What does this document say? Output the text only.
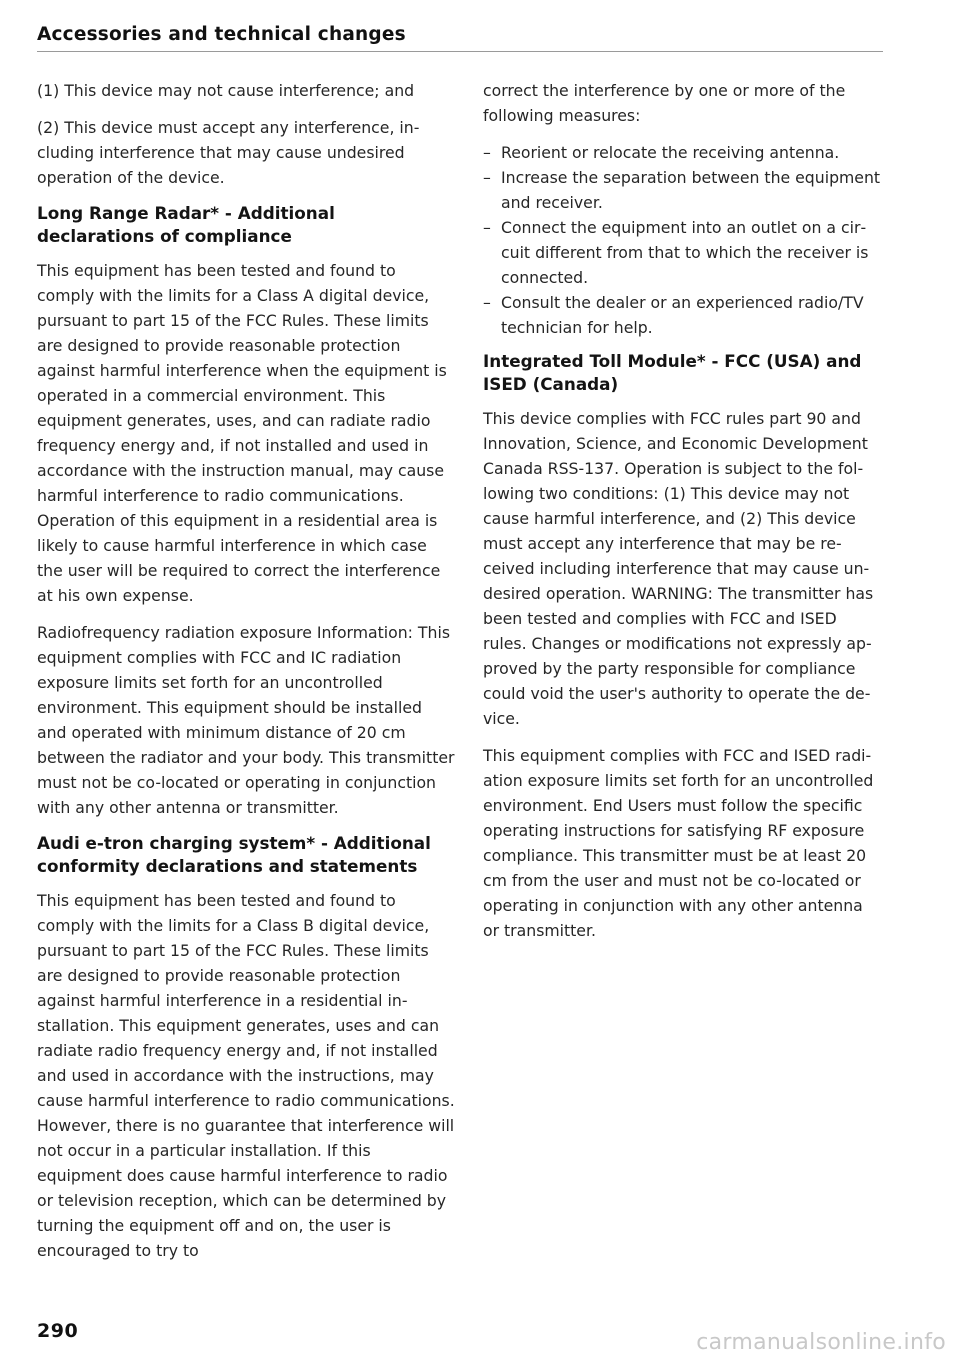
Accessories and technical changes

(1) This device may not cause interference; and

(2) This device must accept any interference, including interference that may cause undesired operation of the device.

Long Range Radar* - Additional declarations of compliance

This equipment has been tested and found to comply with the limits for a Class A digital device, pursuant to part 15 of the FCC Rules. These limits are designed to provide reasonable protection against harmful interference when the equipment is operated in a commercial environment. This equipment generates, uses, and can radiate radio frequency energy and, if not installed and used in accordance with the instruction manual, may cause harmful interference to radio communications. Operation of this equipment in a residential area is likely to cause harmful interference in which case the user will be required to correct the interference at his own expense.

Radiofrequency radiation exposure Information: This equipment complies with FCC and IC radiation exposure limits set forth for an uncontrolled environment. This equipment should be installed and operated with minimum distance of 20 cm between the radiator and your body. This transmitter must not be co-located or operating in conjunction with any other antenna or transmitter.

Audi e-tron charging system* - Additional conformity declarations and statements

This equipment has been tested and found to comply with the limits for a Class B digital device, pursuant to part 15 of the FCC Rules. These limits are designed to provide reasonable protection against harmful interference in a residential installation. This equipment generates, uses and can radiate radio frequency energy and, if not installed and used in accordance with the instructions, may cause harmful interference to radio communications. However, there is no guarantee that interference will not occur in a particular installation. If this equipment does cause harmful interference to radio or television reception, which can be determined by turning the equipment off and on, the user is encouraged to try to

correct the interference by one or more of the following measures:

– Reorient or relocate the receiving antenna.
– Increase the separation between the equipment and receiver.
– Connect the equipment into an outlet on a circuit different from that to which the receiver is connected.
– Consult the dealer or an experienced radio/TV technician for help.
Integrated Toll Module* - FCC (USA) and ISED (Canada)

This device complies with FCC rules part 90 and Innovation, Science, and Economic Development Canada RSS-137. Operation is subject to the following two conditions: (1) This device may not cause harmful interference, and (2) This device must accept any interference that may be received including interference that may cause undesired operation. WARNING: The transmitter has been tested and complies with FCC and ISED rules. Changes or modifications not expressly approved by the party responsible for compliance could void the user's authority to operate the device.

This equipment complies with FCC and ISED radiation exposure limits set forth for an uncontrolled environment. End Users must follow the specific operating instructions for satisfying RF exposure compliance. This transmitter must be at least 20 cm from the user and must not be co-located or operating in conjunction with any other antenna or transmitter.

290	carmanualsonline.info
